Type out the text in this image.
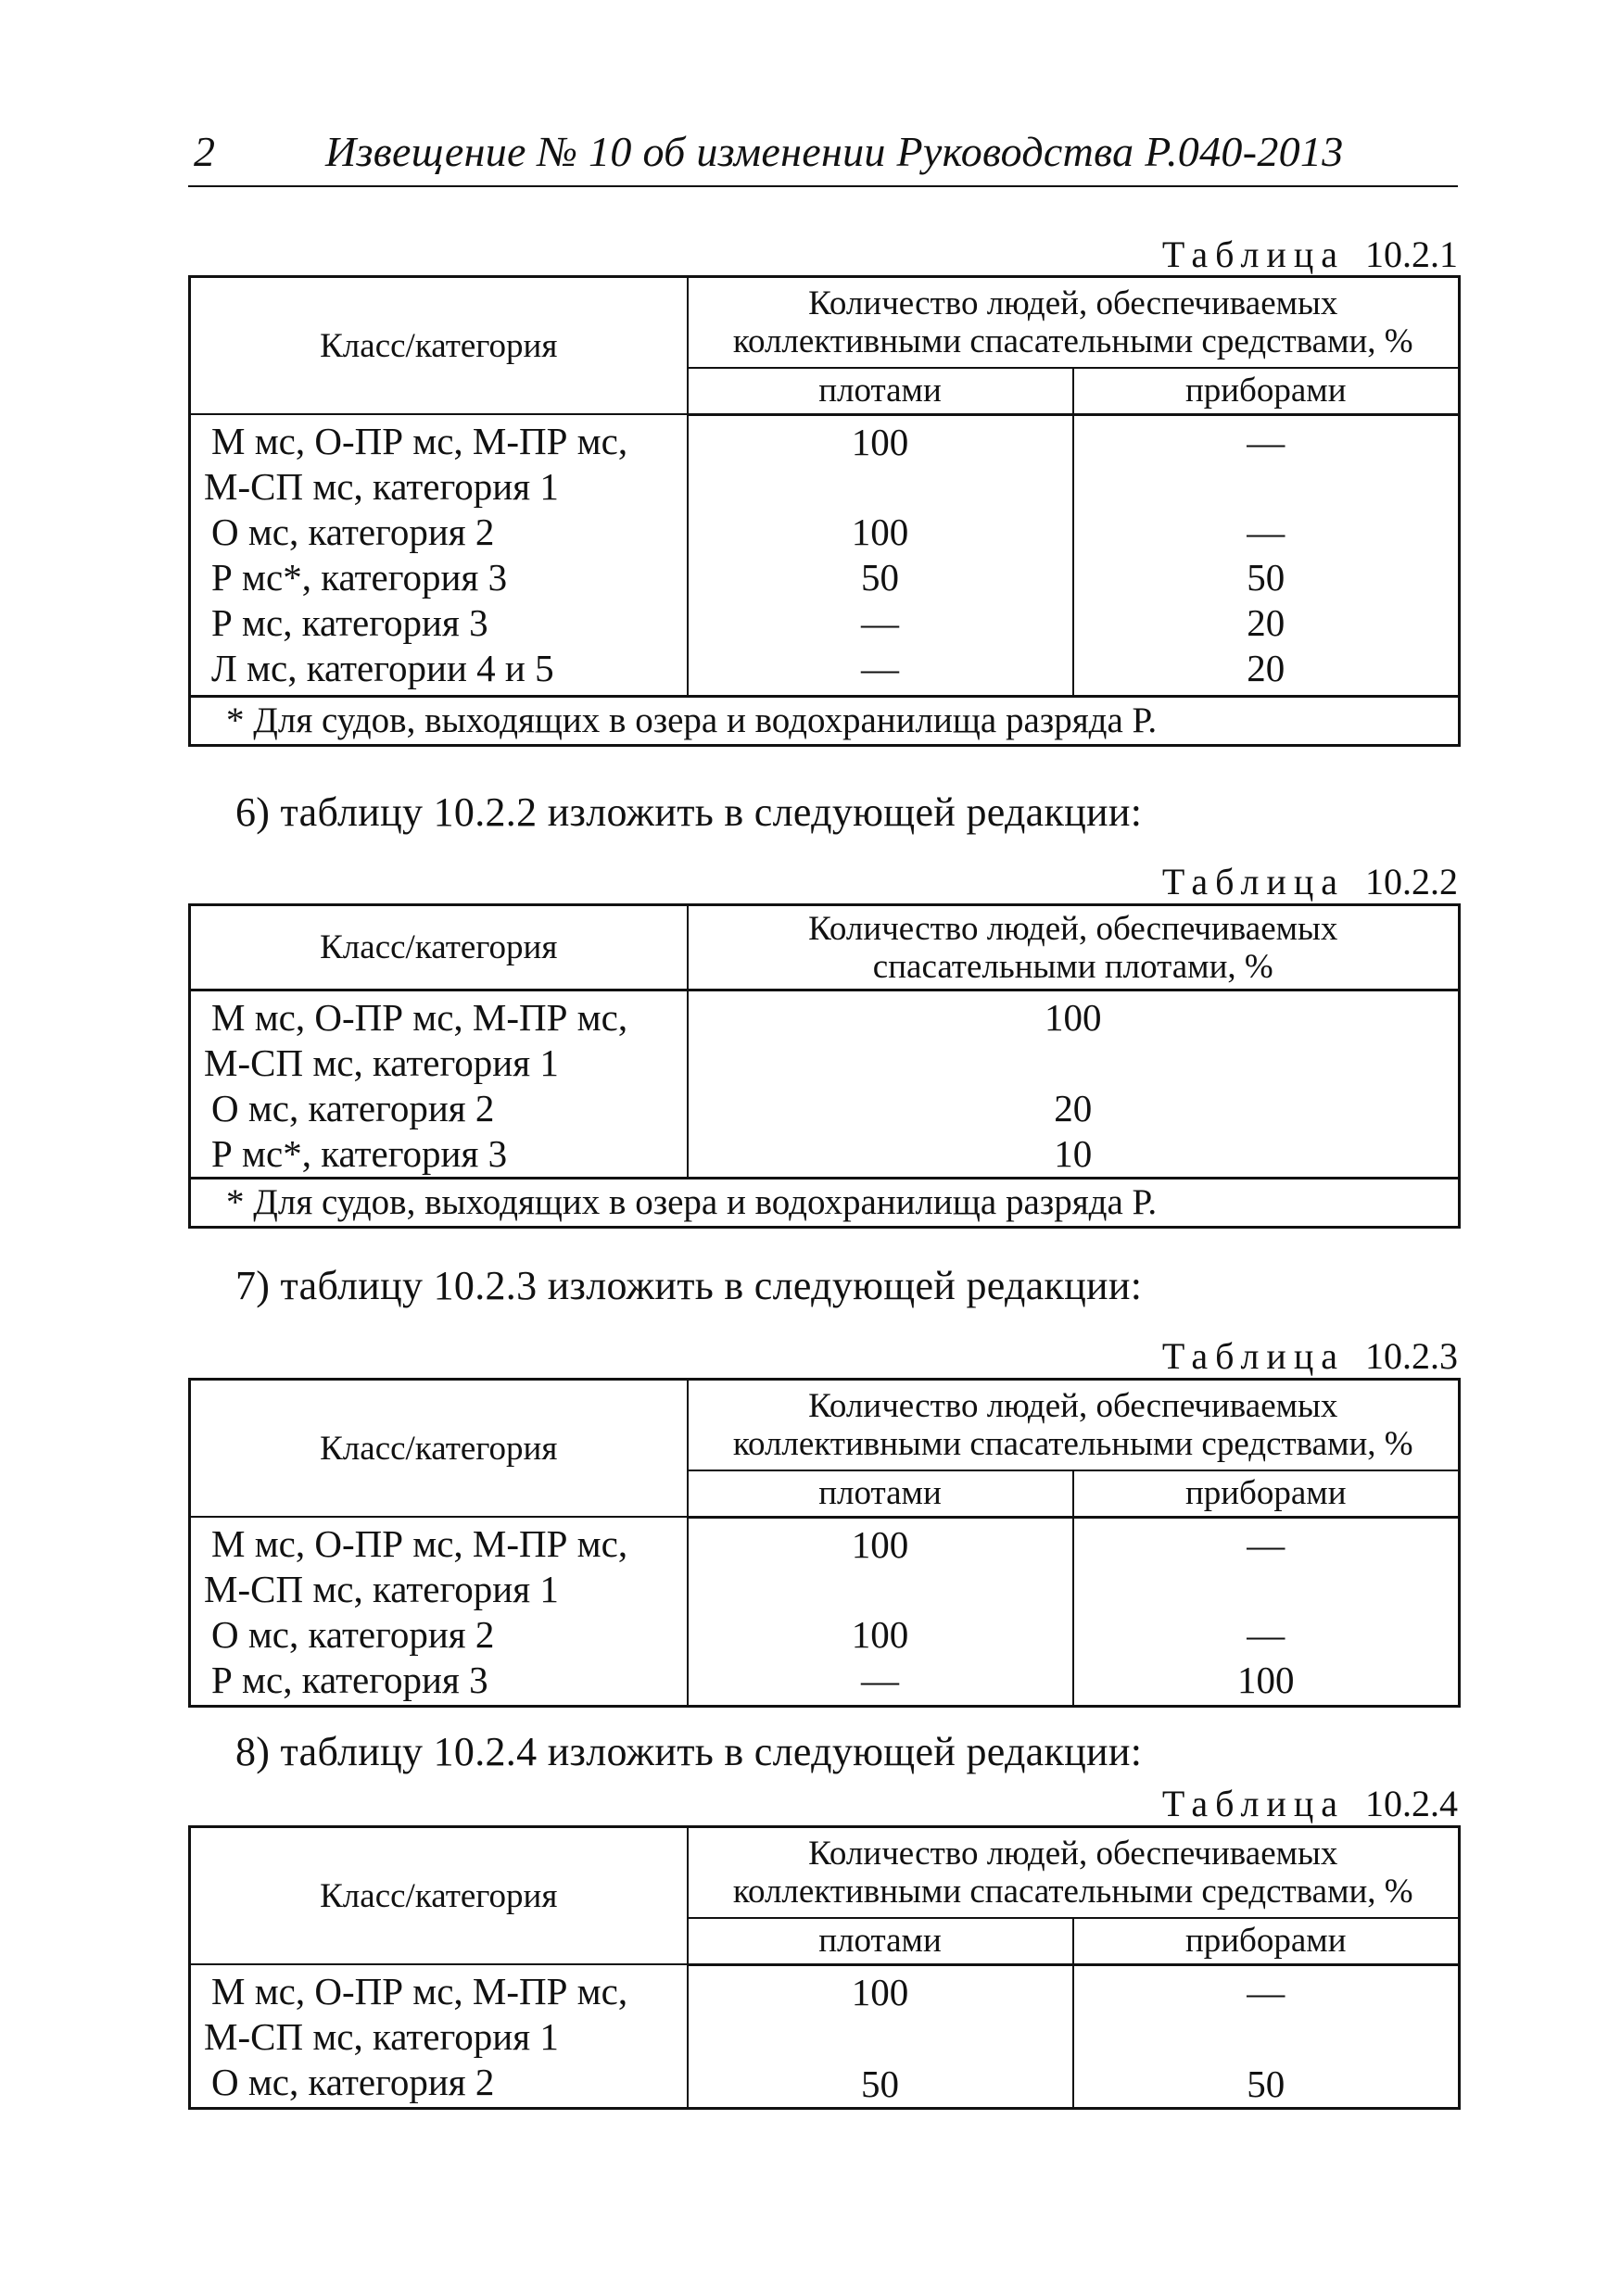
2	Извещение № 10 об изменении Руководства Р.040-2013
Таблица 10.2.1
Класс/категория	Количество людей, обеспечиваемых
коллективными спасательными средствами, %	

	плотами	приборами

М мс, О-ПР мс, М-ПР мс,
М-СП мс, категория 1	100	—
О мс, категория 2	100	—
Р мс*, категория 3	50	50
Р мс, категория 3	—	20
Л мс, категории 4 и 5	—	20
* Для судов, выходящих в озера и водохранилища разряда Р.		
6) таблицу 10.2.2 изложить в следующей редакции:
Таблица 10.2.2
Класс/категория	Количество людей, обеспечиваемых
спасательными плотами, %

М мс, О-ПР мс, М-ПР мс,
М-СП мс, категория 1	100
О мс, категория 2	20
Р мс*, категория 3	10
* Для судов, выходящих в озера и водохранилища разряда Р.	
7) таблицу 10.2.3 изложить в следующей редакции:
Таблица 10.2.3
Класс/категория	Количество людей, обеспечиваемых
коллективными спасательными средствами, %	

	плотами	приборами

М мс, О-ПР мс, М-ПР мс,
М-СП мс, категория 1	100	—
О мс, категория 2	100	—
Р мс, категория 3	—	100
8) таблицу 10.2.4 изложить в следующей редакции:
Таблица 10.2.4
Класс/категория	Количество людей, обеспечиваемых
коллективными спасательными средствами, %	

	плотами	приборами

М мс, О-ПР мс, М-ПР мс,
М-СП мс, категория 1	100	—
О мс, категория 2	50	50
